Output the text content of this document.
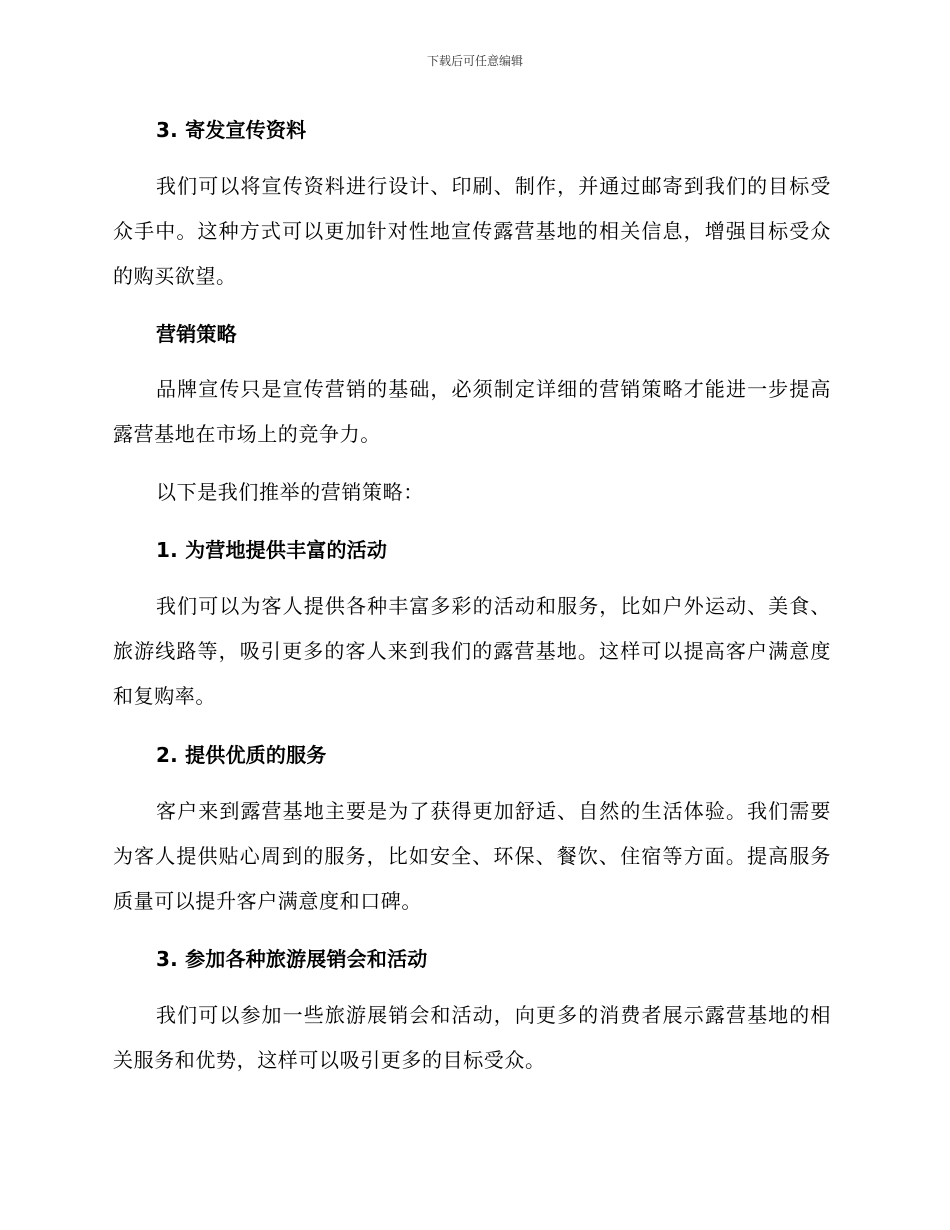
下载后可任意编辑
3. 寄发宣传资料
我们可以将宣传资料进行设计、印刷、制作，并通过邮寄到我们的目标受众手中。这种方式可以更加针对性地宣传露营基地的相关信息，增强目标受众的购买欲望。
营销策略
品牌宣传只是宣传营销的基础，必须制定详细的营销策略才能进一步提高露营基地在市场上的竞争力。
以下是我们推举的营销策略：
1. 为营地提供丰富的活动
我们可以为客人提供各种丰富多彩的活动和服务，比如户外运动、美食、旅游线路等，吸引更多的客人来到我们的露营基地。这样可以提高客户满意度和复购率。
2. 提供优质的服务
客户来到露营基地主要是为了获得更加舒适、自然的生活体验。我们需要为客人提供贴心周到的服务，比如安全、环保、餐饮、住宿等方面。提高服务质量可以提升客户满意度和口碑。
3. 参加各种旅游展销会和活动
我们可以参加一些旅游展销会和活动，向更多的消费者展示露营基地的相关服务和优势，这样可以吸引更多的目标受众。
